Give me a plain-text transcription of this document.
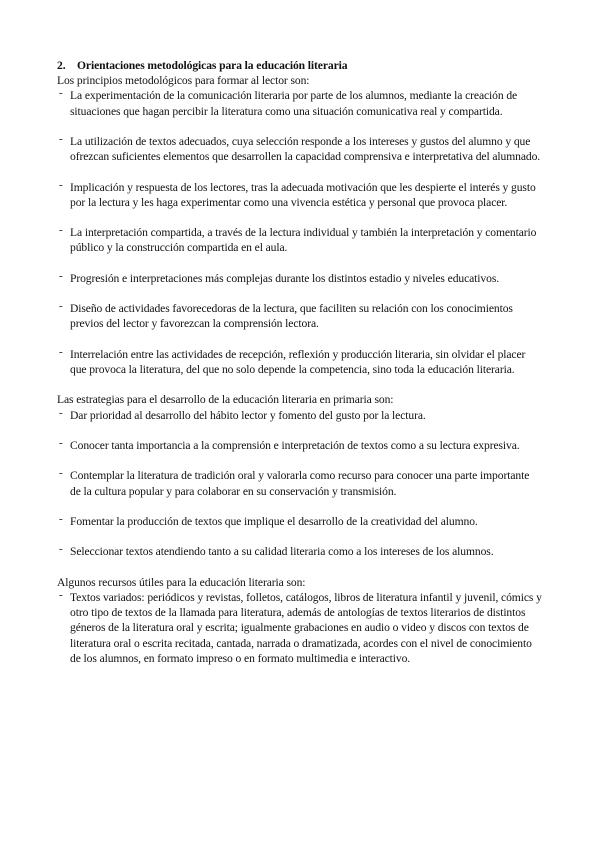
2. Orientaciones metodológicas para la educación literaria

Los principios metodológicos para formar al lector son:

- La experimentación de la comunicación literaria por parte de los alumnos, mediante la creación de situaciones que hagan percibir la literatura como una situación comunicativa real y compartida.
- La utilización de textos adecuados, cuya selección responde a los intereses y gustos del alumno y que ofrezcan suficientes elementos que desarrollen la capacidad comprensiva e interpretativa del alumnado.
- Implicación y respuesta de los lectores, tras la adecuada motivación que les despierte el interés y gusto por la lectura y les haga experimentar como una vivencia estética y personal que provoca placer.
- La interpretación compartida, a través de la lectura individual y también la interpretación y comentario público y la construcción compartida en el aula.
- Progresión e interpretaciones más complejas durante los distintos estadio y niveles educativos.
- Diseño de actividades favorecedoras de la lectura, que faciliten su relación con los conocimientos previos del lector y favorezcan la comprensión lectora.
- Interrelación entre las actividades de recepción, reflexión y producción literaria, sin olvidar el placer que provoca la literatura, del que no solo depende la competencia, sino toda la educación literaria.

Las estrategias para el desarrollo de la educación literaria en primaria son:

- Dar prioridad al desarrollo del hábito lector y fomento del gusto por la lectura.
- Conocer tanta importancia a la comprensión e interpretación de textos como a su lectura expresiva.
- Contemplar la literatura de tradición oral y valorarla como recurso para conocer una parte importante de la cultura popular y para colaborar en su conservación y transmisión.
- Fomentar la producción de textos que implique el desarrollo de la creatividad del alumno.
- Seleccionar textos atendiendo tanto a su calidad literaria como a los intereses de los alumnos.

Algunos recursos útiles para la educación literaria son:

- Textos variados: periódicos y revistas, folletos, catálogos, libros de literatura infantil y juvenil, cómics y otro tipo de textos de la llamada para literatura, además de antologías de textos literarios de distintos géneros de la literatura oral y escrita; igualmente grabaciones en audio o video y discos con textos de literatura oral o escrita recitada, cantada, narrada o dramatizada, acordes con el nivel de conocimiento de los alumnos, en formato impreso o en formato multimedia e interactivo.
